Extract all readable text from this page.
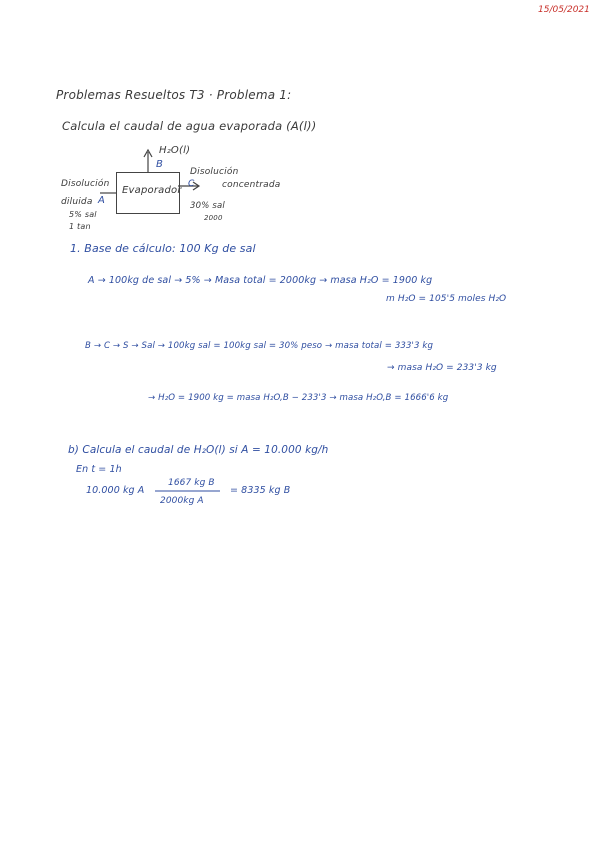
15/05/2021
Problemas Resueltos T3 · Problema 1:
Calcula el caudal de agua evaporada (A(l))
Evaporador
H₂O(l)
B
Disolución
diluida A
5% sal
1 tan
Disolución
concentrada
C
30% sal
2000
1. Base de cálculo: 100 Kg de sal
A → 100kg de sal → 5% → Masa total = 2000kg → masa H₂O = 1900 kg
m H₂O = 105'5 moles H₂O
B → C → S → Sal → 100kg sal = 100kg sal = 30% peso → masa total = 333'3 kg
→ masa H₂O = 233'3 kg
→ H₂O = 1900 kg = masa H₂O,B − 233'3 → masa H₂O,B = 1666'6 kg
b) Calcula el caudal de H₂O(l) si A = 10.000 kg/h
En t = 1h
10.000 kg A
1667 kg B
2000kg A
= 8335 kg B
